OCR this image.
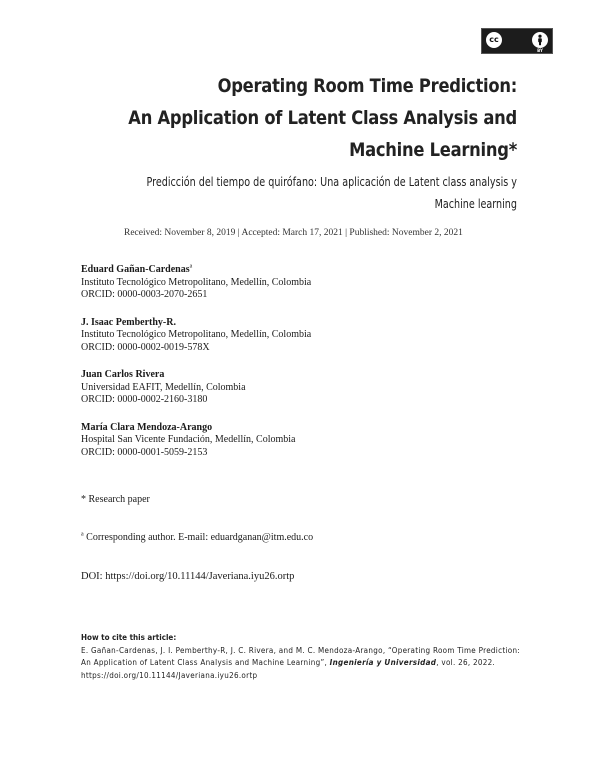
cc
BY
Operating Room Time Prediction:
An Application of Latent Class Analysis and
Machine Learning*
Predicción del tiempo de quirófano: Una aplicación de Latent class analysis y
Machine learning
Received: November 8, 2019 | Accepted: March 17, 2021 | Published: November 2, 2021
Eduard Gañan-Cardenas$^a$
Instituto Tecnológico Metropolitano, Medellín, Colombia
ORCID: 0000-0003-2070-2651
J. Isaac Pemberthy-R.
Instituto Tecnológico Metropolitano, Medellín, Colombia
ORCID: 0000-0002-0019-578X
Juan Carlos Rivera
Universidad EAFIT, Medellín, Colombia
ORCID: 0000-0002-2160-3180
María Clara Mendoza-Arango
Hospital San Vicente Fundación, Medellín, Colombia
ORCID: 0000-0001-5059-2153
* Research paper
$^a$ Corresponding author. E-mail: eduardganan@itm.edu.co
DOI: https://doi.org/10.11144/Javeriana.iyu26.ortp
How to cite this article:
E. Gañan-Cardenas, J. I. Pemberthy-R, J. C. Rivera, and M. C. Mendoza-Arango, “Operating Room Time Prediction: An Application of Latent Class Analysis and Machine Learning”, Ingeniería y Universidad, vol. 26, 2022. https://doi.org/10.11144/Javeriana.iyu26.ortp
